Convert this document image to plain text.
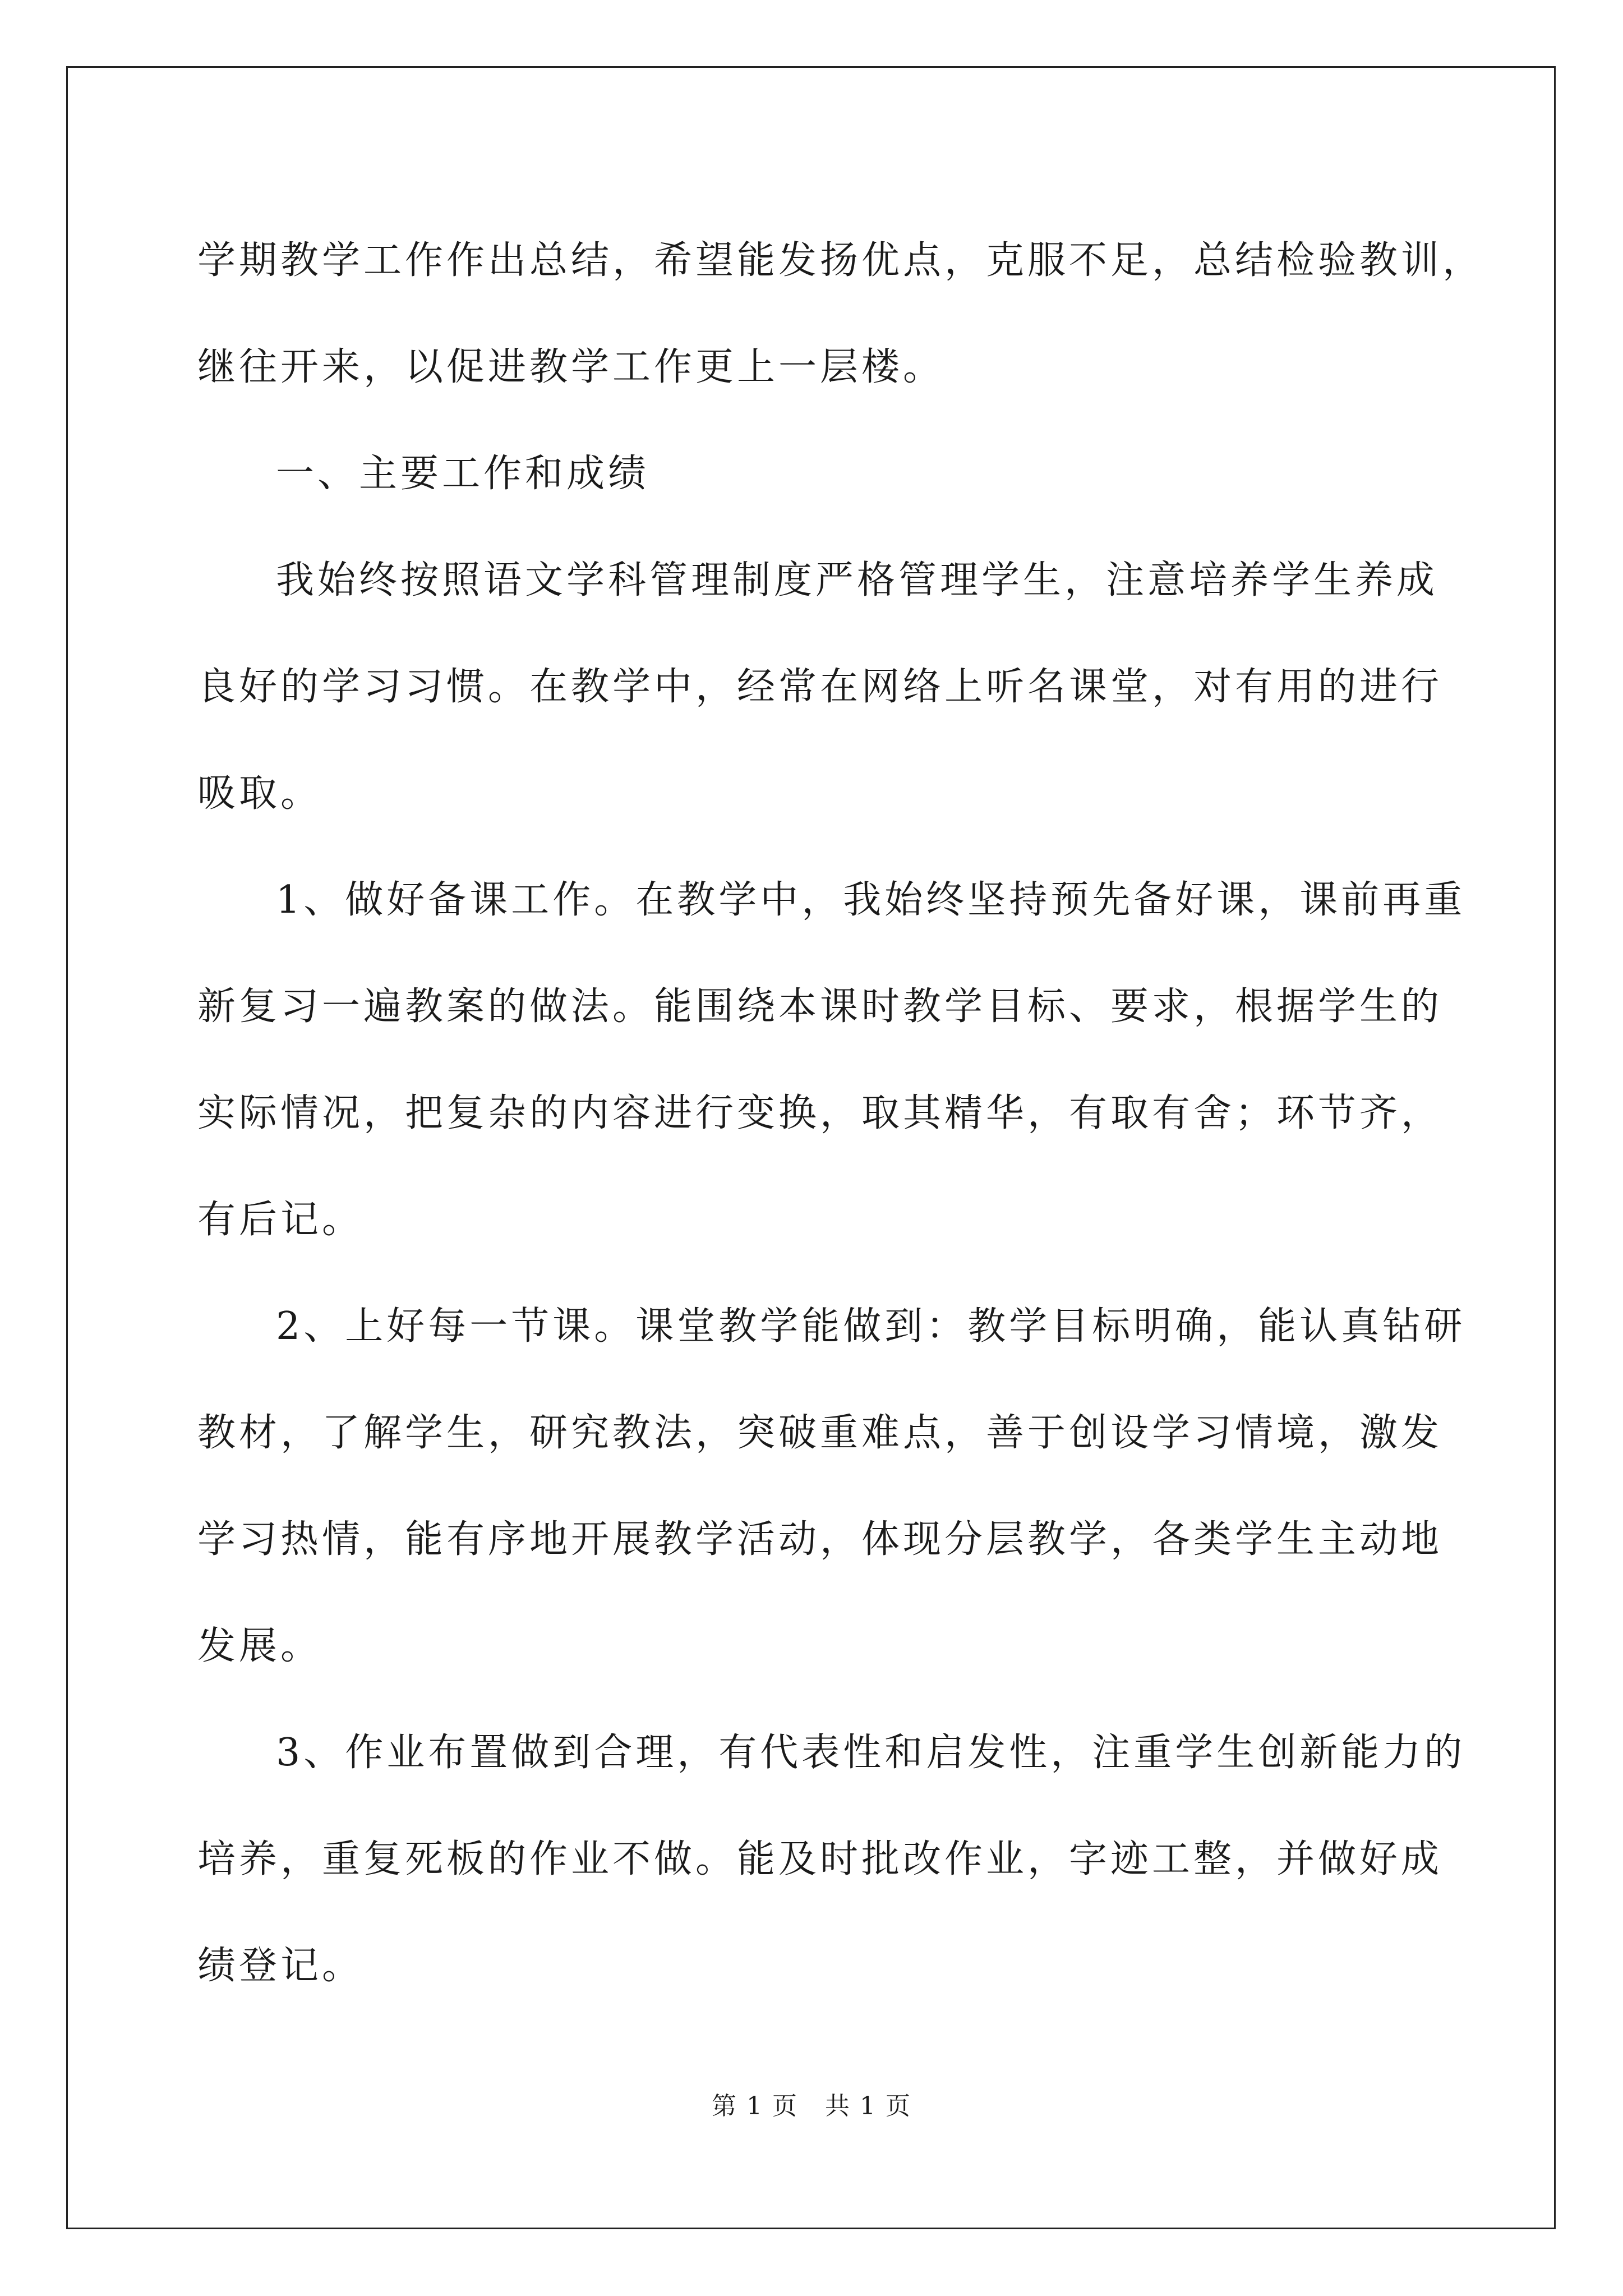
学期教学工作作出总结，希望能发扬优点，克服不足，总结检验教训，
继往开来，以促进教学工作更上一层楼。
一、主要工作和成绩
我始终按照语文学科管理制度严格管理学生，注意培养学生养成
良好的学习习惯。在教学中，经常在网络上听名课堂，对有用的进行
吸取。
1、做好备课工作。在教学中，我始终坚持预先备好课，课前再重
新复习一遍教案的做法。能围绕本课时教学目标、要求，根据学生的
实际情况，把复杂的内容进行变换，取其精华，有取有舍；环节齐，
有后记。
2、上好每一节课。课堂教学能做到：教学目标明确，能认真钻研
教材，了解学生，研究教法，突破重难点，善于创设学习情境，激发
学习热情，能有序地开展教学活动，体现分层教学，各类学生主动地
发展。
3、作业布置做到合理，有代表性和启发性，注重学生创新能力的
培养，重复死板的作业不做。能及时批改作业，字迹工整，并做好成
绩登记。
第 1 页 共 1 页
